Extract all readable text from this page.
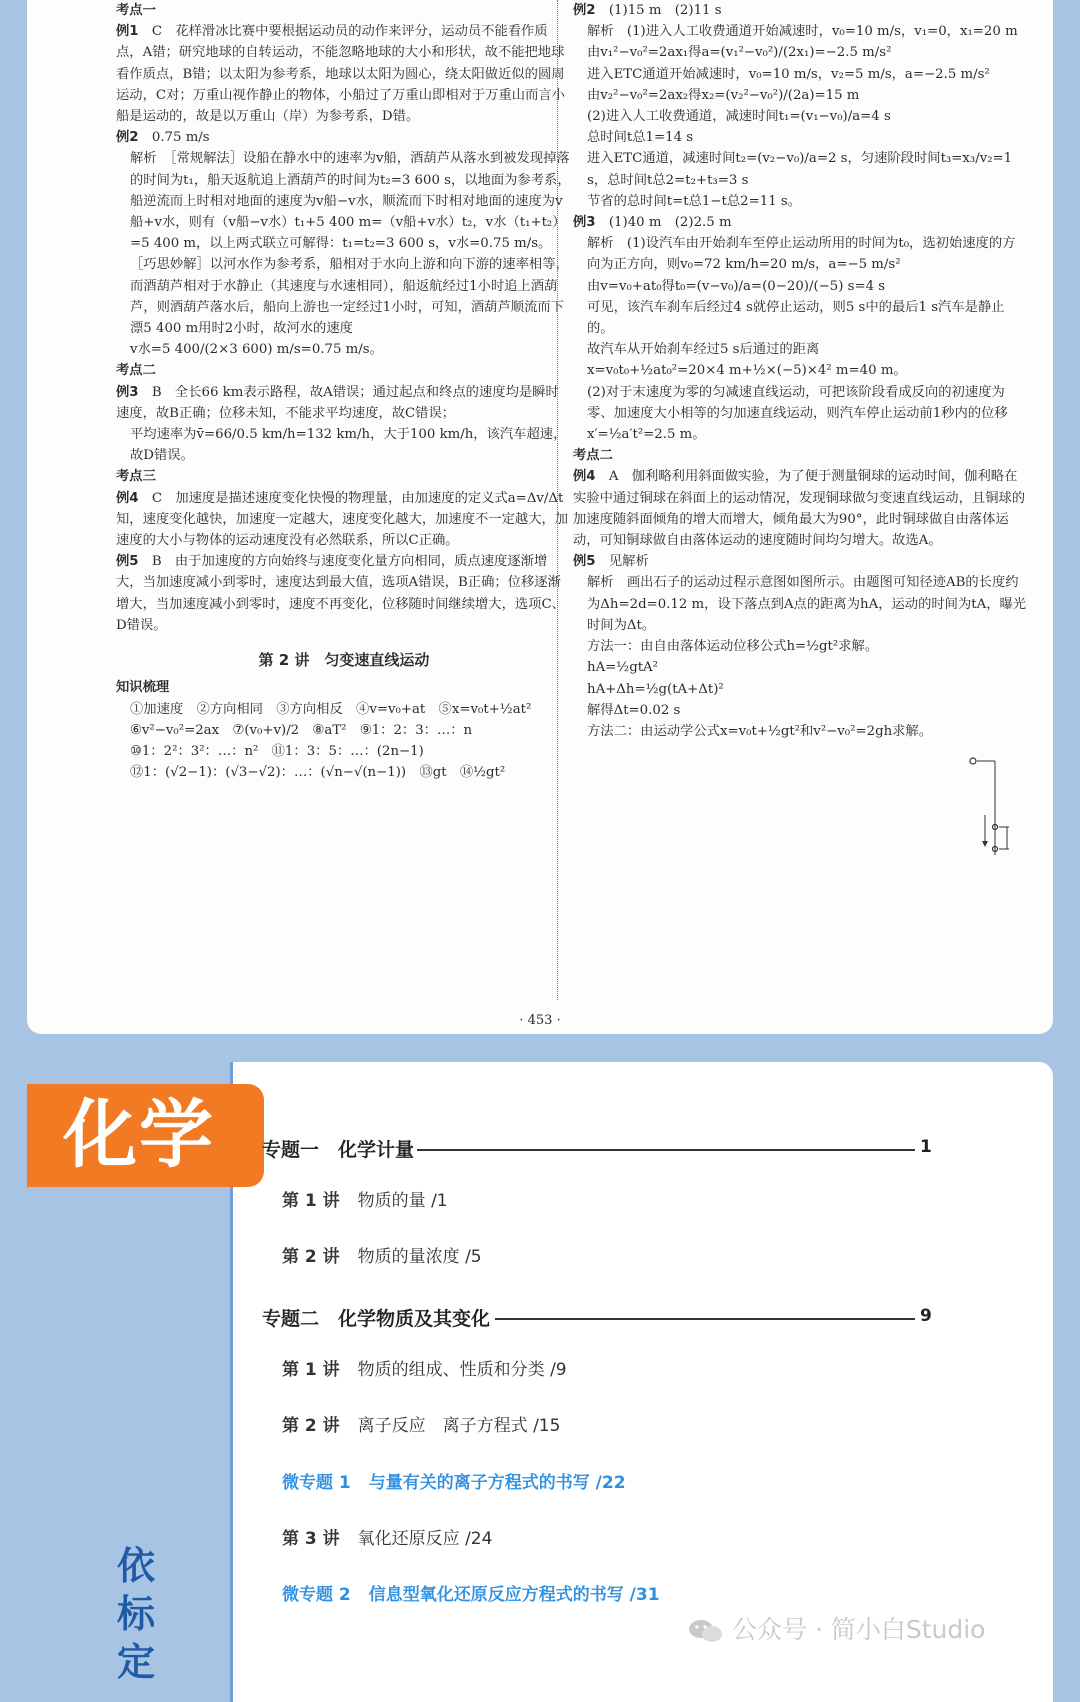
考点一

例1　C　花样滑冰比赛中要根据运动员的动作来评分，运动员不能看作质点，A错；研究地球的自转运动，不能忽略地球的大小和形状，故不能把地球看作质点，B错；以太阳为参考系，地球以太阳为圆心，绕太阳做近似的圆周运动，C对；万重山视作静止的物体，小船过了万重山即相对于万重山而言小船是运动的，故是以万重山（岸）为参考系，D错。

例2　0.75 m/s

解析　［常规解法］设船在静水中的速率为v船，酒葫芦从落水到被发现掉落的时间为t₁，船天返航追上酒葫芦的时间为t₂=3 600 s，以地面为参考系，船逆流而上时相对地面的速度为v船−v水，顺流而下时相对地面的速度为v船+v水，则有（v船−v水）t₁+5 400 m=（v船+v水）t₂，v水（t₁+t₂）=5 400 m，以上两式联立可解得：t₁=t₂=3 600 s，v水=0.75 m/s。

［巧思妙解］以河水作为参考系，船相对于水向上游和向下游的速率相等，而酒葫芦相对于水静止（其速度与水速相同），船返航经过1小时追上酒葫芦，则酒葫芦落水后，船向上游也一定经过1小时，可知，酒葫芦顺流而下漂5 400 m用时2小时，故河水的速度

v水=5 400/(2×3 600) m/s=0.75 m/s。

考点二

例3　B　全长66 km表示路程，故A错误；通过起点和终点的速度均是瞬时速度，故B正确；位移未知，不能求平均速度，故C错误；

平均速率为v̄=66/0.5 km/h=132 km/h，大于100 km/h，该汽车超速，故D错误。

考点三

例4　C　加速度是描述速度变化快慢的物理量，由加速度的定义式a=Δv/Δt知，速度变化越快，加速度一定越大，速度变化越大，加速度不一定越大，加速度的大小与物体的运动速度没有必然联系，所以C正确。

例5　B　由于加速度的方向始终与速度变化量方向相同，质点速度逐渐增大，当加速度减小到零时，速度达到最大值，选项A错误，B正确；位移逐渐增大，当加速度减小到零时，速度不再变化，位移随时间继续增大，选项C、D错误。

第 2 讲　匀变速直线运动

知识梳理

①加速度　②方向相同　③方向相反　④v=v₀+at　⑤x=v₀t+½at²

⑥v²−v₀²=2ax　⑦(v₀+v)/2　⑧aT²　⑨1：2：3：…：n

⑩1：2²：3²：…：n²　⑪1：3：5：…：(2n−1)

⑫1：(√2−1)：(√3−√2)：…：(√n−√(n−1))　⑬gt　⑭½gt²

例2　(1)15 m　(2)11 s

解析　(1)进入人工收费通道开始减速时，v₀=10 m/s，v₁=0，x₁=20 m

由v₁²−v₀²=2ax₁得a=(v₁²−v₀²)/(2x₁)=−2.5 m/s²

进入ETC通道开始减速时，v₀=10 m/s，v₂=5 m/s，a=−2.5 m/s²

由v₂²−v₀²=2ax₂得x₂=(v₂²−v₀²)/(2a)=15 m

(2)进入人工收费通道，减速时间t₁=(v₁−v₀)/a=4 s

总时间t总1=14 s

进入ETC通道，减速时间t₂=(v₂−v₀)/a=2 s，匀速阶段时间t₃=x₃/v₂=1 s，总时间t总2=t₂+t₃=3 s

节省的总时间t=t总1−t总2=11 s。

例3　(1)40 m　(2)2.5 m

解析　(1)设汽车由开始刹车至停止运动所用的时间为t₀，选初始速度的方向为正方向，则v₀=72 km/h=20 m/s，a=−5 m/s²

由v=v₀+at₀得t₀=(v−v₀)/a=(0−20)/(−5) s=4 s

可见，该汽车刹车后经过4 s就停止运动，则5 s中的最后1 s汽车是静止的。

故汽车从开始刹车经过5 s后通过的距离

x=v₀t₀+½at₀²=20×4 m+½×(−5)×4² m=40 m。

(2)对于末速度为零的匀减速直线运动，可把该阶段看成反向的初速度为零、加速度大小相等的匀加速直线运动，则汽车停止运动前1秒内的位移x′=½a′t²=2.5 m。

考点二

例4　A　伽利略利用斜面做实验，为了便于测量铜球的运动时间，伽利略在实验中通过铜球在斜面上的运动情况，发现铜球做匀变速直线运动，且铜球的加速度随斜面倾角的增大而增大，倾角最大为90°，此时铜球做自由落体运动，可知铜球做自由落体运动的速度随时间均匀增大。故选A。

例5　见解析

解析　画出石子的运动过程示意图如图所示。由题图可知径迹AB的长度约为Δh=2d=0.12 m，设下落点到A点的距离为hA，运动的时间为tA，曝光时间为Δt。

方法一：由自由落体运动位移公式h=½gt²求解。

hA=½gtA²

hA+Δh=½g(tA+Δt)²

解得Δt=0.02 s

方法二：由运动学公式x=v₀t+½gt²和v²−v₀²=2gh求解。

· 453 ·
化学
依标定
专题一　化学计量	1
第 1 讲 物质的量 /1
第 2 讲 物质的量浓度 /5
专题二　化学物质及其变化	9
第 1 讲 物质的组成、性质和分类 /9
第 2 讲 离子反应　离子方程式 /15
微专题 1 与量有关的离子方程式的书写 /22
第 3 讲 氧化还原反应 /24
微专题 2 信息型氧化还原反应方程式的书写 /31
公众号 · 简小白Studio
